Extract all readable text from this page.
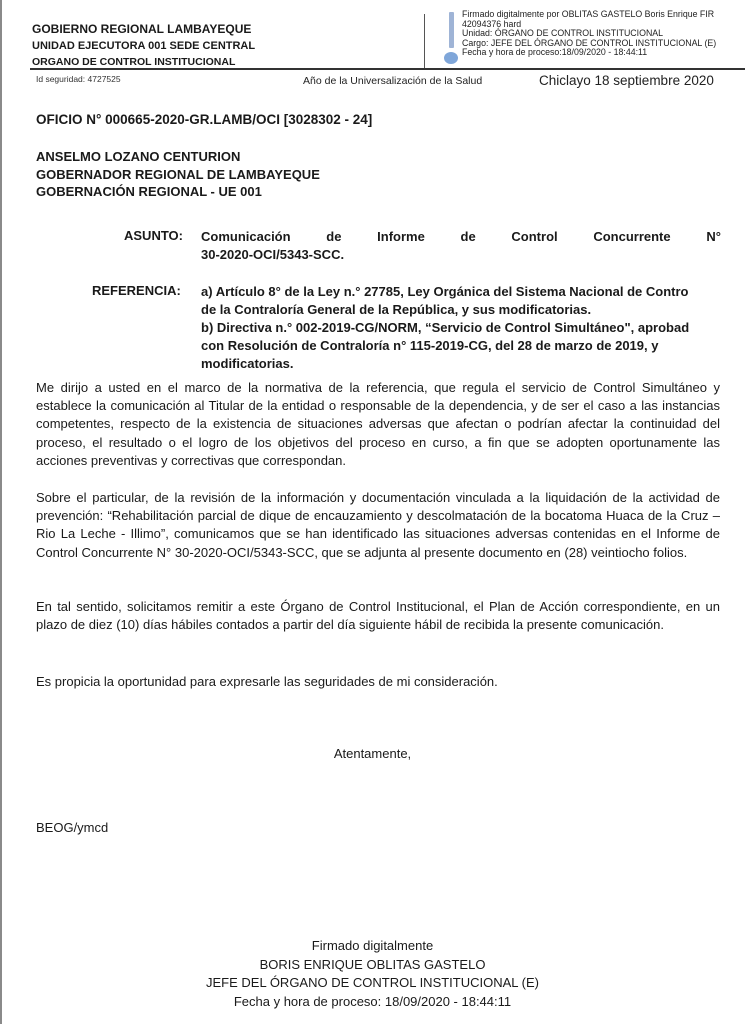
GOBIERNO REGIONAL LAMBAYEQUE
UNIDAD EJECUTORA 001 SEDE CENTRAL
ORGANO DE CONTROL INSTITUCIONAL
Firmado digitalmente por OBLITAS GASTELO Boris Enrique FIR
42094376 hard
Unidad: ÓRGANO DE CONTROL INSTITUCIONAL
Cargo: JEFE DEL ÓRGANO DE CONTROL INSTITUCIONAL (E)
Fecha y hora de proceso:18/09/2020 - 18:44:11
Id seguridad: 4727525	Año de la Universalización de la Salud	Chiclayo 18 septiembre 2020
OFICIO N° 000665-2020-GR.LAMB/OCI [3028302 - 24]
ANSELMO LOZANO CENTURION
GOBERNADOR REGIONAL DE LAMBAYEQUE
GOBERNACIÓN REGIONAL - UE 001
ASUNTO: Comunicación	de	Informe	de	Control	Concurrente	N°
30-2020-OCI/5343-SCC.
REFERENCIA: a) Artículo 8° de la Ley n.° 27785, Ley Orgánica del Sistema Nacional de Contro
de la Contraloría General de la República, y sus modificatorias.
b) Directiva n.° 002-2019-CG/NORM, “Servicio de Control Simultáneo", aprobad
con Resolución de Contraloría n° 115-2019-CG, del 28 de marzo de 2019, y
modificatorias.
Me dirijo a usted en el marco de la normativa de la referencia, que regula el servicio de Control Simultáneo y establece la comunicación al Titular de la entidad o responsable de la dependencia, y de ser el caso a las instancias competentes, respecto de la existencia de situaciones adversas que afectan o podrían afectar la continuidad del proceso, el resultado o el logro de los objetivos del proceso en curso, a fin que se adopten oportunamente las acciones preventivas y correctivas que correspondan.
Sobre el particular, de la revisión de la información y documentación vinculada a la liquidación de la actividad de prevención: “Rehabilitación parcial de dique de encauzamiento y descolmatación de la bocatoma Huaca de la Cruz – Rio La Leche - Illimo”, comunicamos que se han identificado las situaciones adversas contenidas en el Informe de Control Concurrente N° 30-2020-OCI/5343-SCC, que se adjunta al presente documento en (28) veintiocho folios.
En tal sentido, solicitamos remitir a este Órgano de Control Institucional, el Plan de Acción correspondiente, en un plazo de diez (10) días hábiles contados a partir del día siguiente hábil de recibida la presente comunicación.
Es propicia la oportunidad para expresarle las seguridades de mi consideración.
Atentamente,
BEOG/ymcd
Firmado digitalmente
BORIS ENRIQUE OBLITAS GASTELO
JEFE DEL ÓRGANO DE CONTROL INSTITUCIONAL (E)
Fecha y hora de proceso: 18/09/2020 - 18:44:11
